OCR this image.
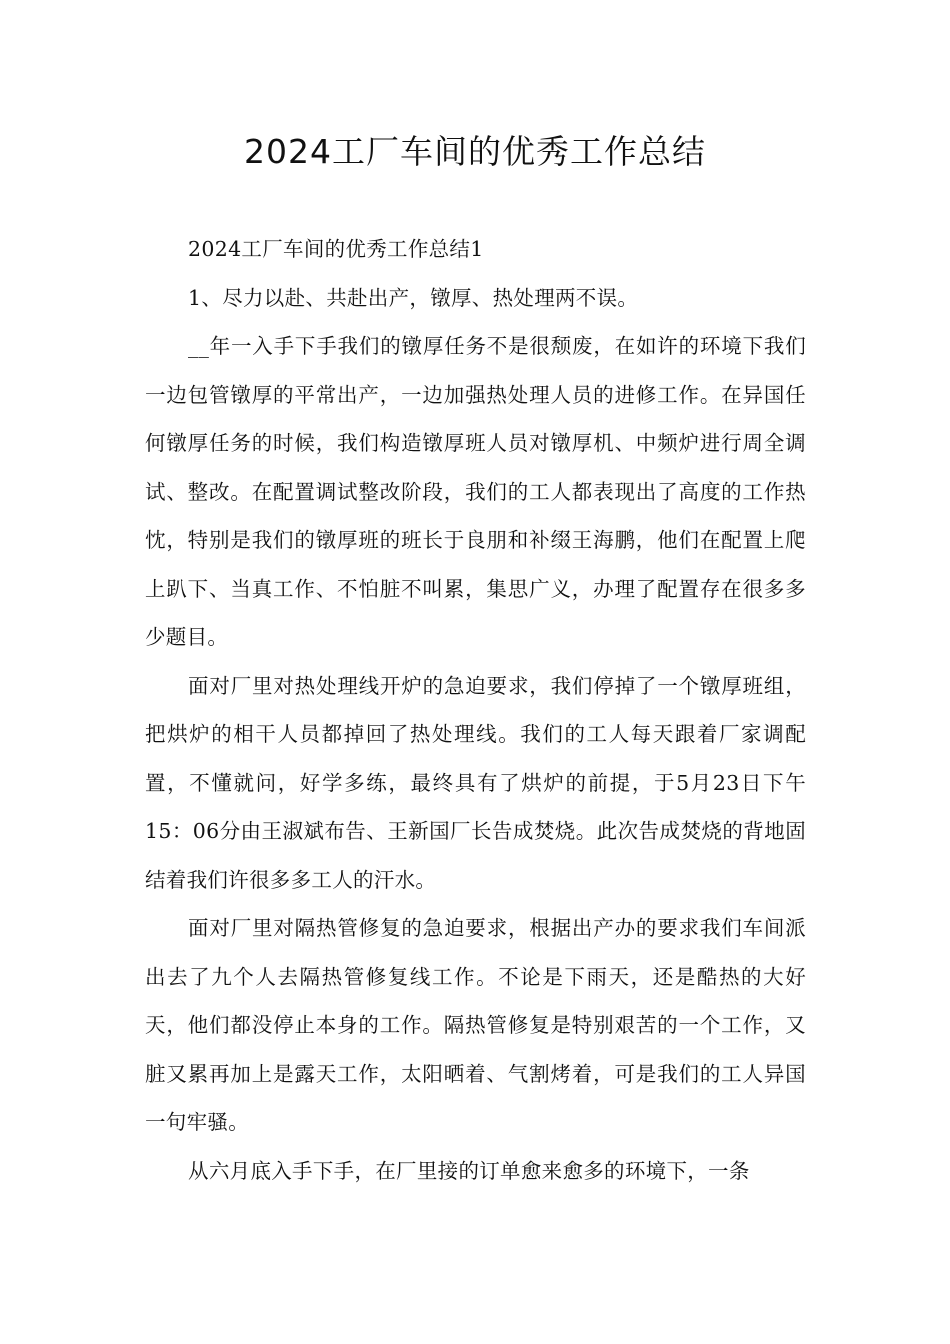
2024工厂车间的优秀工作总结

2024工厂车间的优秀工作总结1

1、尽力以赴、共赴出产，镦厚、热处理两不误。

__年一入手下手我们的镦厚任务不是很颓废，在如许的环境下我们一边包管镦厚的平常出产，一边加强热处理人员的进修工作。在异国任何镦厚任务的时候，我们构造镦厚班人员对镦厚机、中频炉进行周全调试、整改。在配置调试整改阶段，我们的工人都表现出了高度的工作热忱，特别是我们的镦厚班的班长于良朋和补缀王海鹏，他们在配置上爬上趴下、当真工作、不怕脏不叫累，集思广义，办理了配置存在很多多少题目。

面对厂里对热处理线开炉的急迫要求，我们停掉了一个镦厚班组，把烘炉的相干人员都掉回了热处理线。我们的工人每天跟着厂家调配置，不懂就问，好学多练，最终具有了烘炉的前提，于5月23日下午15：06分由王淑斌布告、王新国厂长告成焚烧。此次告成焚烧的背地固结着我们许很多多工人的汗水。

面对厂里对隔热管修复的急迫要求，根据出产办的要求我们车间派出去了九个人去隔热管修复线工作。不论是下雨天，还是酷热的大好天，他们都没停止本身的工作。隔热管修复是特别艰苦的一个工作，又脏又累再加上是露天工作，太阳晒着、气割烤着，可是我们的工人异国一句牢骚。

从六月底入手下手，在厂里接的订单愈来愈多的环境下，一条
